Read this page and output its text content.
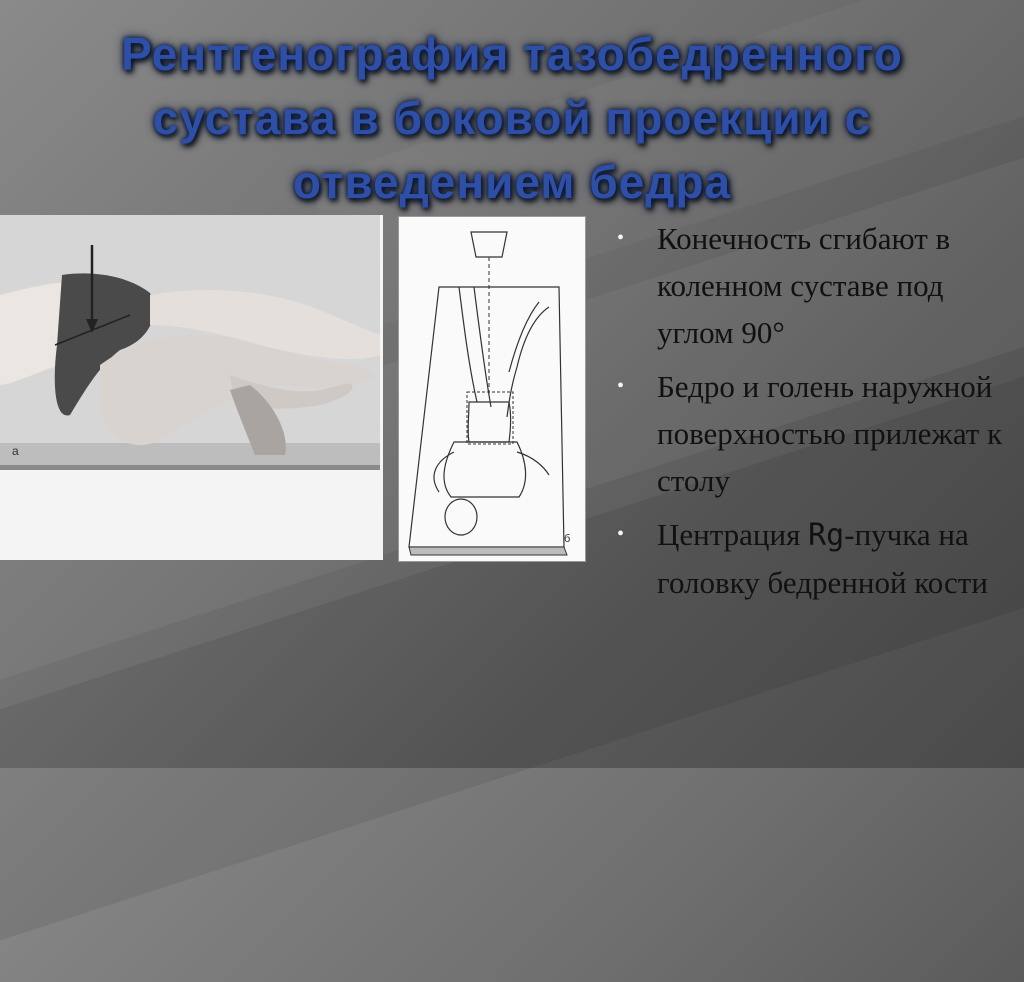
Рентгенография тазобедренного сустава в боковой проекции с отведением бедра
а
б
• Конечность сгибают в коленном суставе под углом 90°
• Бедро и голень наружной поверхностью прилежат к столу
• Центрация Rg-пучка на головку бедренной кости
